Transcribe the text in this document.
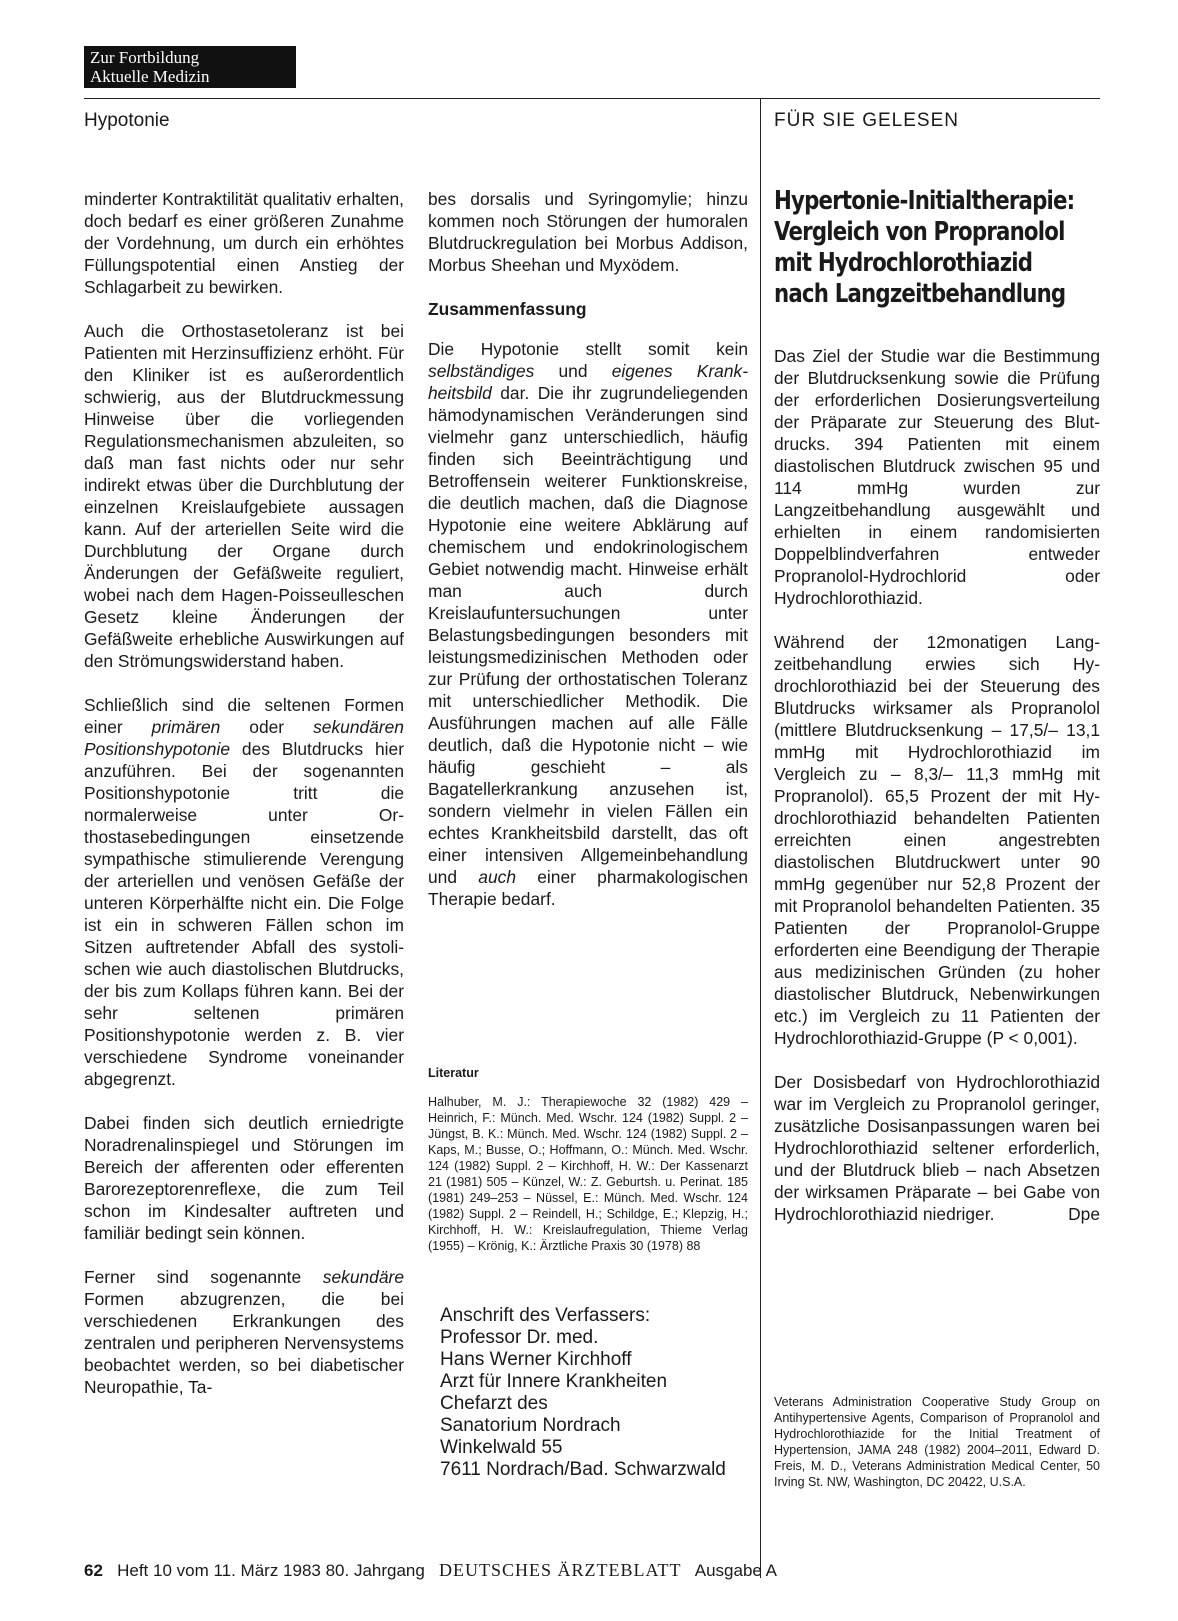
Zur Fortbildung
Aktuelle Medizin
Hypotonie	FÜR SIE GELESEN

minderter Kontraktilität qualitativ erhalten, doch bedarf es einer größeren Zunahme der Vordehnung, um durch ein erhöhtes Füllungspotential einen Anstieg der Schlagarbeit zu bewirken.

Auch die Orthostasetoleranz ist bei Patienten mit Herzinsuffizienz erhöht. Für den Kliniker ist es außerordentlich schwierig, aus der Blutdruckmessung Hinweise über die vorliegenden Regulationsmechanismen abzuleiten, so daß man fast nichts oder nur sehr indirekt etwas über die Durchblutung der einzelnen Kreislaufgebiete aussagen kann. Auf der arteriellen Seite wird die Durchblutung der Organe durch Änderungen der Gefäßweite reguliert, wobei nach dem Hagen-Poisseulleschen Gesetz kleine Änderungen der Gefäßweite erhebliche Auswirkungen auf den Strömungswiderstand haben.

Schließlich sind die seltenen Formen einer primären oder sekundären Positionshypotonie des Blutdrucks hier anzuführen. Bei der sogenannten Positionshypotonie tritt die normalerweise unter Orthostasebedingungen einsetzende sympathische stimulierende Verengung der arteriellen und venösen Gefäße der unteren Körperhälfte nicht ein. Die Folge ist ein in schweren Fällen schon im Sitzen auftretender Abfall des systolischen wie auch diastolischen Blutdrucks, der bis zum Kollaps führen kann. Bei der sehr seltenen primären Positionshypotonie werden z. B. vier verschiedene Syndrome voneinander abgegrenzt.

Dabei finden sich deutlich erniedrigte Noradrenalinspiegel und Störungen im Bereich der afferenten oder efferenten Barorezeptorenreflexe, die zum Teil schon im Kindesalter auftreten und familiär bedingt sein können.

Ferner sind sogenannte sekundäre Formen abzugrenzen, die bei verschiedenen Erkrankungen des zentralen und peripheren Nervensystems beobachtet werden, so bei diabetischer Neuropathie, Ta-

bes dorsalis und Syringomylie; hinzu kommen noch Störungen der humoralen Blutdruckregulation bei Morbus Addison, Morbus Sheehan und Myxödem.

Zusammenfassung

Die Hypotonie stellt somit kein selbständiges und eigenes Krankheitsbild dar. Die ihr zugrundeliegenden hämodynamischen Veränderungen sind vielmehr ganz unterschiedlich, häufig finden sich Beeinträchtigung und Betroffensein weiterer Funktionskreise, die deutlich machen, daß die Diagnose Hypotonie eine weitere Abklärung auf chemischem und endokrinologischem Gebiet notwendig macht. Hinweise erhält man auch durch Kreislaufuntersuchungen unter Belastungsbedingungen besonders mit leistungsmedizinischen Methoden oder zur Prüfung der orthostatischen Toleranz mit unterschiedlicher Methodik. Die Ausführungen machen auf alle Fälle deutlich, daß die Hypotonie nicht – wie häufig geschieht – als Bagatellerkrankung anzusehen ist, sondern vielmehr in vielen Fällen ein echtes Krankheitsbild darstellt, das oft einer intensiven Allgemeinbehandlung und auch einer pharmakologischen Therapie bedarf.

Literatur
Halhuber, M. J.: Therapiewoche 32 (1982) 429 – Heinrich, F.: Münch. Med. Wschr. 124 (1982) Suppl. 2 – Jüngst, B. K.: Münch. Med. Wschr. 124 (1982) Suppl. 2 – Kaps, M.; Busse, O.; Hoffmann, O.: Münch. Med. Wschr. 124 (1982) Suppl. 2 – Kirchhoff, H. W.: Der Kassenarzt 21 (1981) 505 – Künzel, W.: Z. Geburtsh. u. Perinat. 185 (1981) 249–253 – Nüssel, E.: Münch. Med. Wschr. 124 (1982) Suppl. 2 – Reindell, H.; Schildge, E.; Klepzig, H.; Kirchhoff, H. W.: Kreislaufregulation, Thieme Verlag (1955) – Krönig, K.: Ärztliche Praxis 30 (1978) 88
Anschrift des Verfassers:
Professor Dr. med.
Hans Werner Kirchhoff
Arzt für Innere Krankheiten
Chefarzt des
Sanatorium Nordrach
Winkelwald 55
7611 Nordrach/Bad. Schwarzwald
Hypertonie-Initialtherapie:
Vergleich von Propranolol
mit Hydrochlorothiazid
nach Langzeitbehandlung

Das Ziel der Studie war die Bestimmung der Blutdrucksenkung sowie die Prüfung der erforderlichen Dosierungsverteilung der Präparate zur Steuerung des Blutdrucks. 394 Patienten mit einem diastolischen Blutdruck zwischen 95 und 114 mmHg wurden zur Langzeitbehandlung ausgewählt und erhielten in einem randomisierten Doppelblindverfahren entweder Propranolol-Hydrochlorid oder Hydrochlorothiazid.

Während der 12monatigen Langzeitbehandlung erwies sich Hydrochlorothiazid bei der Steuerung des Blutdrucks wirksamer als Propranolol (mittlere Blutdrucksenkung – 17,5/– 13,1 mmHg mit Hydrochlorothiazid im Vergleich zu – 8,3/– 11,3 mmHg mit Propranolol). 65,5 Prozent der mit Hydrochlorothiazid behandelten Patienten erreichten einen angestrebten diastolischen Blutdruckwert unter 90 mmHg gegenüber nur 52,8 Prozent der mit Propranolol behandelten Patienten. 35 Patienten der Propranolol-Gruppe erforderten eine Beendigung der Therapie aus medizinischen Gründen (zu hoher diastolischer Blutdruck, Nebenwirkungen etc.) im Vergleich zu 11 Patienten der Hydrochlorothiazid-Gruppe (P < 0,001).

Der Dosisbedarf von Hydrochlorothiazid war im Vergleich zu Propranolol geringer, zusätzliche Dosisanpassungen waren bei Hydrochlorothiazid seltener erforderlich, und der Blutdruck blieb – nach Absetzen der wirksamen Präparate – bei Gabe von Hydrochlorothiazid niedriger.	Dpe

Veterans Administration Cooperative Study Group on Antihypertensive Agents, Comparison of Propranolol and Hydrochlorothiazide for the Initial Treatment of Hypertension, JAMA 248 (1982) 2004–2011, Edward D. Freis, M. D., Veterans Administration Medical Center, 50 Irving St. NW, Washington, DC 20422, U.S.A.
62 Heft 10 vom 11. März 1983 80. Jahrgang DEUTSCHES ÄRZTEBLATT Ausgabe A
